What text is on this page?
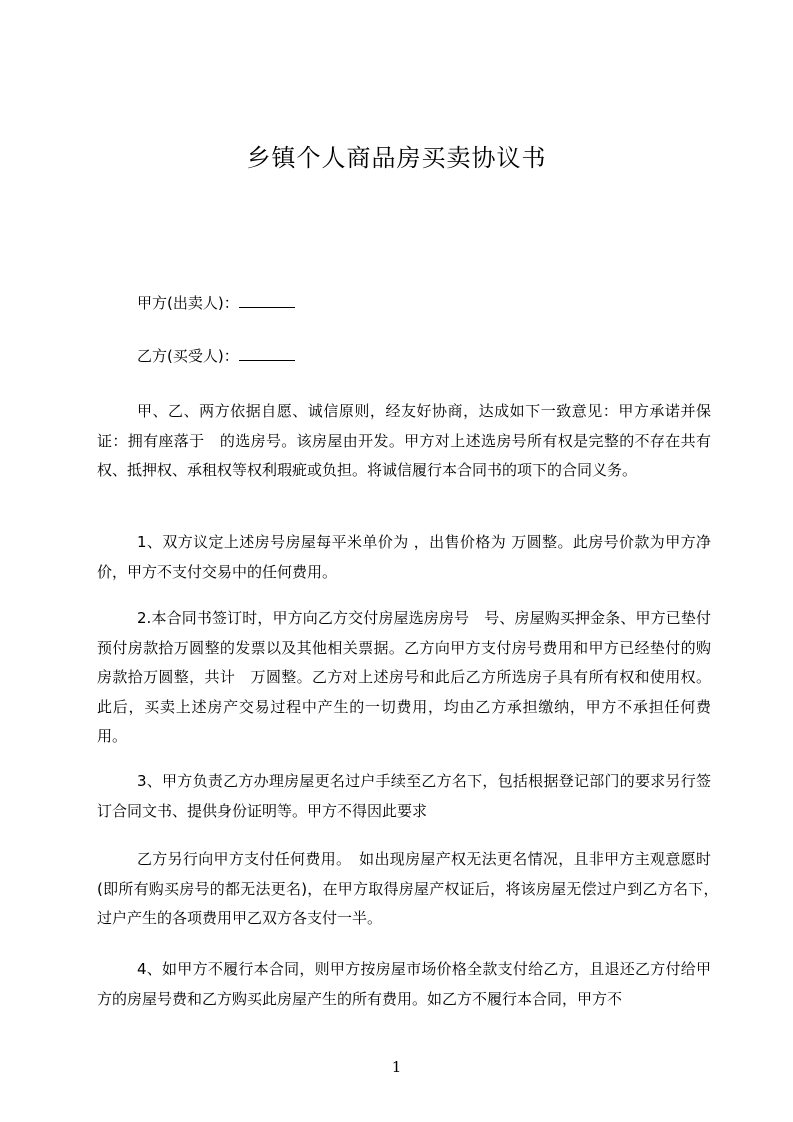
乡镇个人商品房买卖协议书
甲方(出卖人)：
乙方(买受人)：

甲、乙、两方依据自愿、诚信原则，经友好协商，达成如下一致意见：甲方承诺并保证：拥有座落于　的选房号。该房屋由开发。甲方对上述选房号所有权是完整的不存在共有权、抵押权、承租权等权利瑕疵或负担。将诚信履行本合同书的项下的合同义务。

1、双方议定上述房号房屋每平米单价为 ，出售价格为 万圆整。此房号价款为甲方净价，甲方不支付交易中的任何费用。

2.本合同书签订时，甲方向乙方交付房屋选房房号　号、房屋购买押金条、甲方已垫付预付房款拾万圆整的发票以及其他相关票据。乙方向甲方支付房号费用和甲方已经垫付的购房款拾万圆整，共计　万圆整。乙方对上述房号和此后乙方所选房子具有所有权和使用权。此后，买卖上述房产交易过程中产生的一切费用，均由乙方承担缴纳，甲方不承担任何费用。

3、甲方负责乙方办理房屋更名过户手续至乙方名下，包括根据登记部门的要求另行签订合同文书、提供身份证明等。甲方不得因此要求

乙方另行向甲方支付任何费用。　如出现房屋产权无法更名情况，且非甲方主观意愿时(即所有购买房号的都无法更名)，在甲方取得房屋产权证后，将该房屋无偿过户到乙方名下，　过户产生的各项费用甲乙双方各支付一半。

4、如甲方不履行本合同，则甲方按房屋市场价格全款支付给乙方，且退还乙方付给甲方的房屋号费和乙方购买此房屋产生的所有费用。如乙方不履行本合同，甲方不

1
